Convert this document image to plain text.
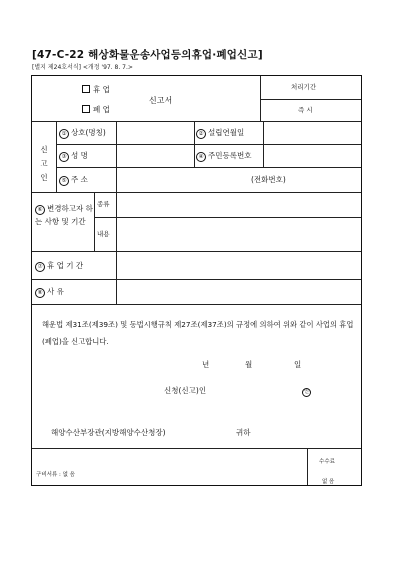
[47-C-22 해상화물운송사업등의휴업·폐업신고]
[별지 제24호서식] <개정 '97. 8. 7.>
휴 업
폐 업
신고서
처리기간
즉 시
신고인
① 상호(명칭)	② 설립연월일
③ 성 명	④ 주민등록번호
⑤ 주 소	(전화번호)
⑥ 변경하고자 하는 사항 및 기간
종류
내용
⑦ 휴 업 기 간
⑧ 사 유
해운법 제31조(제39조) 및 동법시행규칙 제27조(제37조)의 규정에 의하여 위와 같이 사업의 휴업(폐업)을 신고합니다.
년	월	일
신청(신고)인	인
해양수산부장관(지방해양수산청장)	귀하
구비서류 : 없 음
수수료
없 음
